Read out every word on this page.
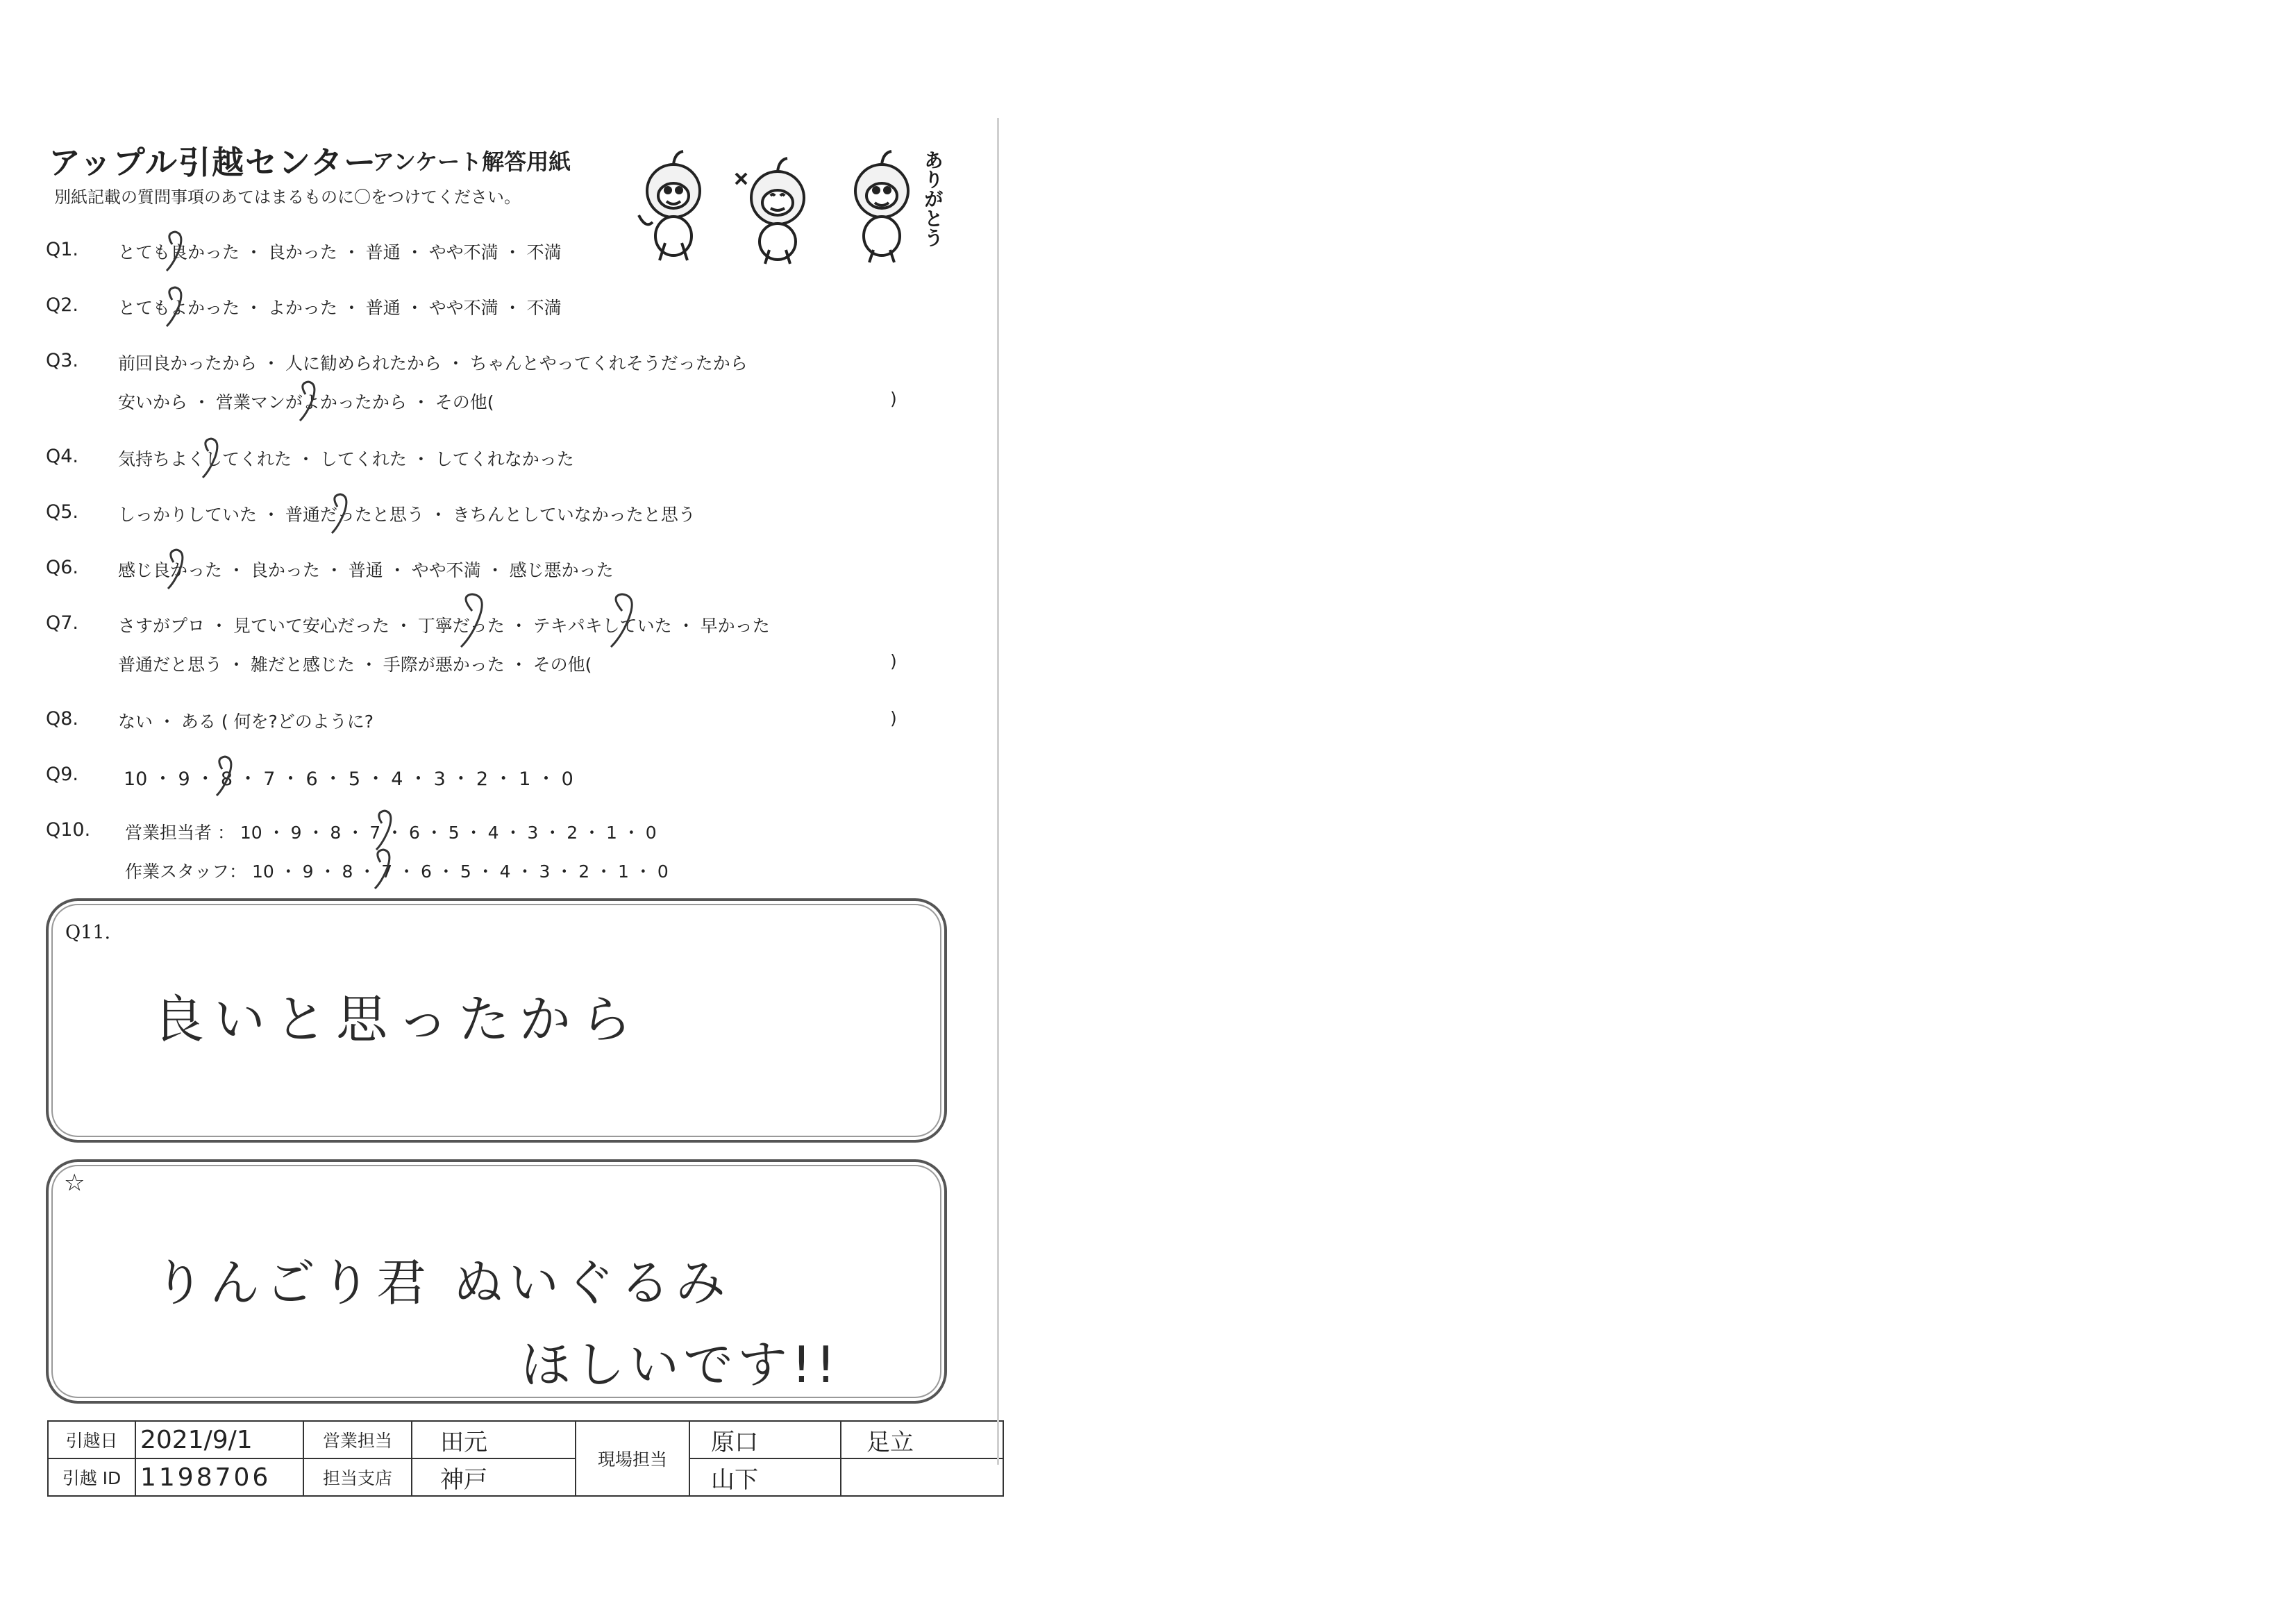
アップル引越センター
アンケート解答用紙
別紙記載の質問事項のあてはまるものに〇をつけてください。	ありがとう
Q1. とても良かった ・ 良かった ・ 普通 ・ やや不満 ・ 不満
Q2. とてもよかった ・ よかった ・ 普通 ・ やや不満 ・ 不満
Q3. 前回良かったから ・ 人に勧められたから ・ ちゃんとやってくれそうだったから
安いから ・ 営業マンがよかったから ・ その他(	)
Q4. 気持ちよくしてくれた ・ してくれた ・ してくれなかった
Q5. しっかりしていた ・ 普通だったと思う ・ きちんとしていなかったと思う
Q6. 感じ良かった ・ 良かった ・ 普通 ・ やや不満 ・ 感じ悪かった
Q7. さすがプロ ・ 見ていて安心だった ・ 丁寧だった ・ テキパキしていた ・ 早かった
普通だと思う ・ 雑だと感じた ・ 手際が悪かった ・ その他(	)
Q8. ない ・ ある ( 何を?どのように?	)
Q9. 10 ・ 9 ・ 8 ・ 7 ・ 6 ・ 5 ・ 4 ・ 3 ・ 2 ・ 1 ・ 0
Q10. 営業担当者 ： 10 ・ 9 ・ 8 ・ 7 ・ 6 ・ 5 ・ 4 ・ 3 ・ 2 ・ 1 ・ 0
作業スタッフ： 10 ・ 9 ・ 8 ・ 7 ・ 6 ・ 5 ・ 4 ・ 3 ・ 2 ・ 1 ・ 0
Q11.
良いと思ったから
☆
りんごり君 ぬいぐるみ
ほしいです!!
引越日	2021/9/1	営業担当	田元	現場担当	原口	足立
引越 ID	1198706	担当支店	神戸		山下	
